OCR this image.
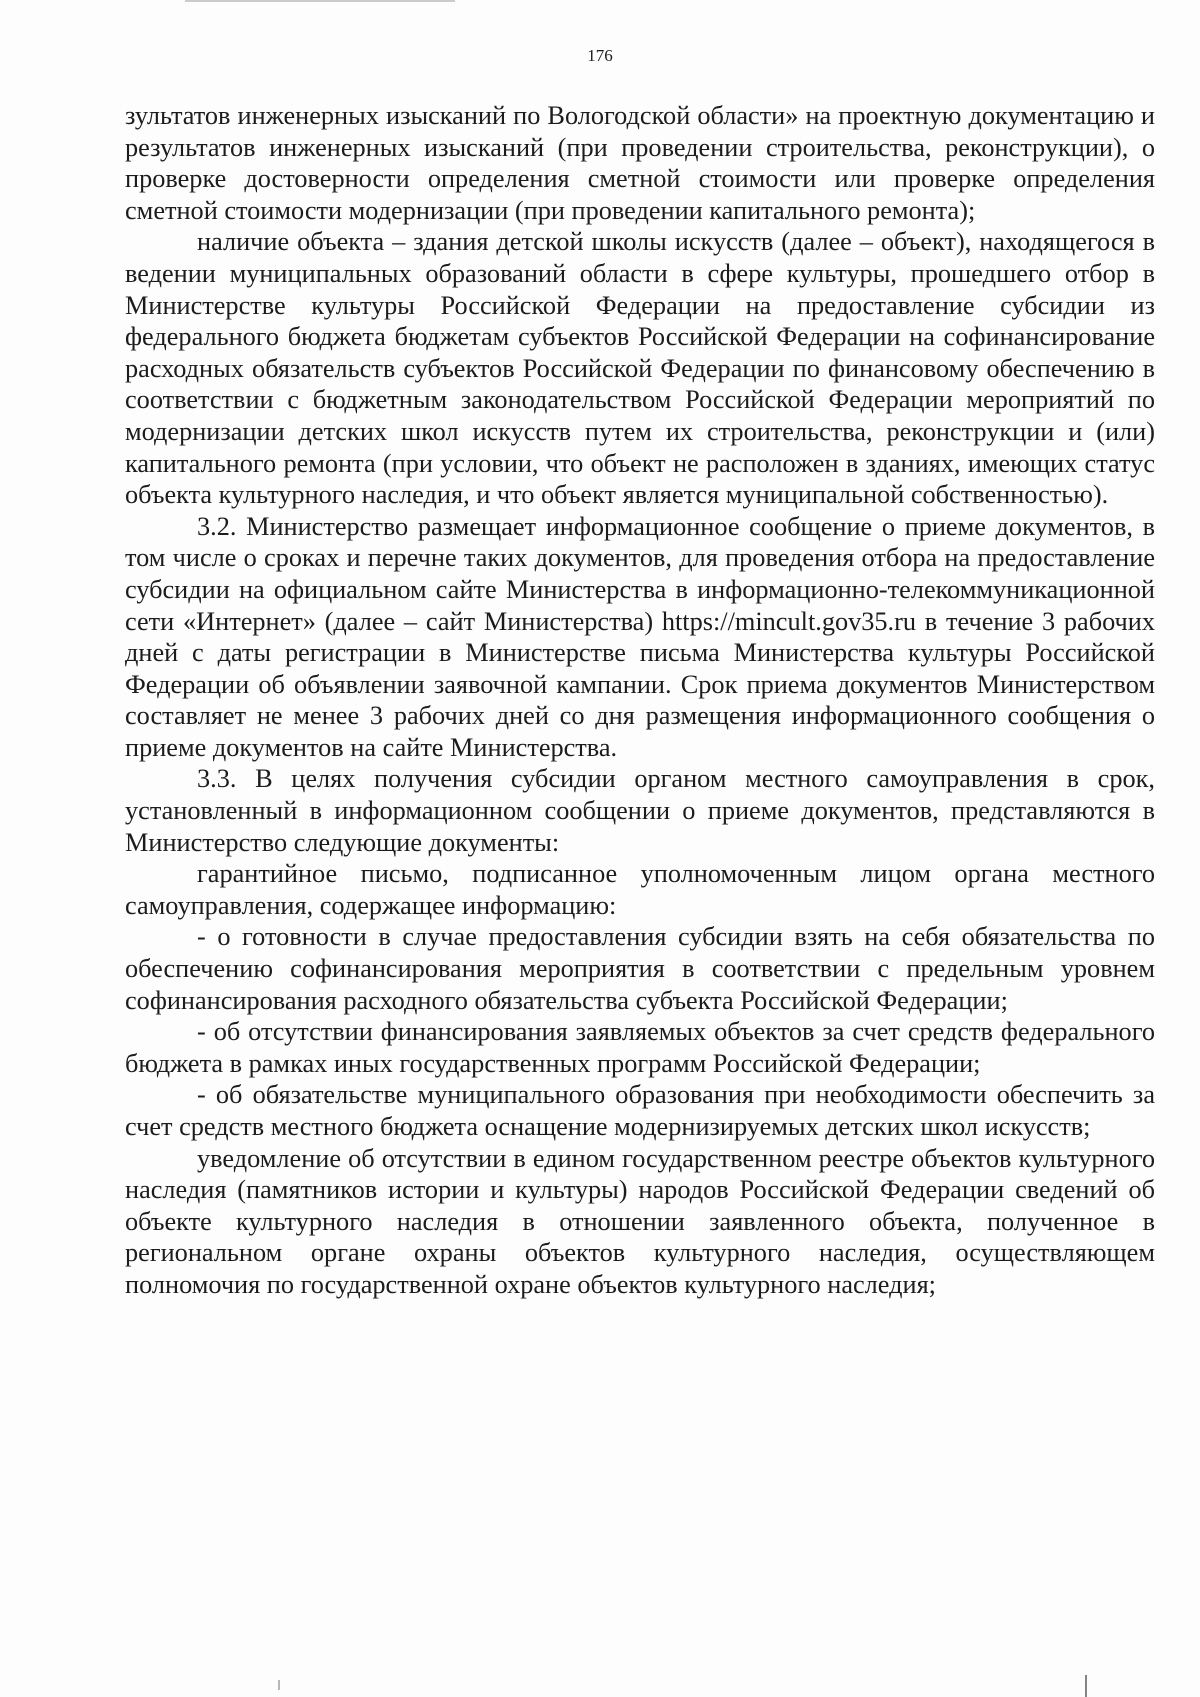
176

зультатов инженерных изысканий по Вологодской области» на проектную документацию и результатов инженерных изысканий (при проведении строительства, реконструкции), о проверке достоверности определения сметной стоимости или проверке определения сметной стоимости модернизации (при проведении капитального ремонта);

наличие объекта – здания детской школы искусств (далее – объект), находящегося в ведении муниципальных образований области в сфере культуры, прошедшего отбор в Министерстве культуры Российской Федерации на предоставление субсидии из федерального бюджета бюджетам субъектов Российской Федерации на софинансирование расходных обязательств субъектов Российской Федерации по финансовому обеспечению в соответствии с бюджетным законодательством Российской Федерации мероприятий по модернизации детских школ искусств путем их строительства, реконструкции и (или) капитального ремонта (при условии, что объект не расположен в зданиях, имеющих статус объекта культурного наследия, и что объект является муниципальной собственностью).

3.2. Министерство размещает информационное сообщение о приеме документов, в том числе о сроках и перечне таких документов, для проведения отбора на предоставление субсидии на официальном сайте Министерства в информационно-телекоммуникационной сети «Интернет» (далее – сайт Министерства) https://mincult.gov35.ru в течение 3 рабочих дней с даты регистрации в Министерстве письма Министерства культуры Российской Федерации об объявлении заявочной кампании. Срок приема документов Министерством составляет не менее 3 рабочих дней со дня размещения информационного сообщения о приеме документов на сайте Министерства.

3.3. В целях получения субсидии органом местного самоуправления в срок, установленный в информационном сообщении о приеме документов, представляются в Министерство следующие документы:

гарантийное письмо, подписанное уполномоченным лицом органа местного самоуправления, содержащее информацию:

- о готовности в случае предоставления субсидии взять на себя обязательства по обеспечению софинансирования мероприятия в соответствии с предельным уровнем софинансирования расходного обязательства субъекта Российской Федерации;

- об отсутствии финансирования заявляемых объектов за счет средств федерального бюджета в рамках иных государственных программ Российской Федерации;

- об обязательстве муниципального образования при необходимости обеспечить за счет средств местного бюджета оснащение модернизируемых детских школ искусств;

уведомление об отсутствии в едином государственном реестре объектов культурного наследия (памятников истории и культуры) народов Российской Федерации сведений об объекте культурного наследия в отношении заявленного объекта, полученное в региональном органе охраны объектов культурного наследия, осуществляющем полномочия по государственной охране объектов культурного наследия;
